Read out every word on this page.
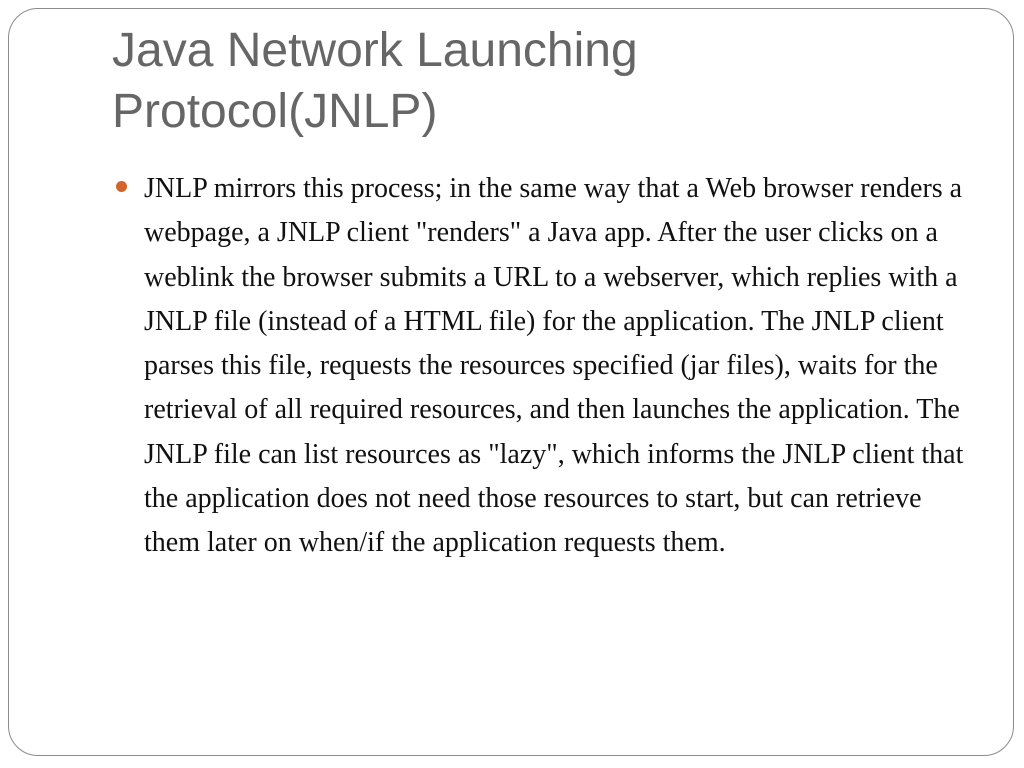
Java Network Launching Protocol(JNLP)
JNLP mirrors this process; in the same way that a Web browser renders a webpage, a JNLP client "renders" a Java app. After the user clicks on a weblink the browser submits a URL to a webserver, which replies with a JNLP file (instead of a HTML file) for the application. The JNLP client parses this file, requests the resources specified (jar files), waits for the retrieval of all required resources, and then launches the application. The JNLP file can list resources as "lazy", which informs the JNLP client that the application does not need those resources to start, but can retrieve them later on when/if the application requests them.
